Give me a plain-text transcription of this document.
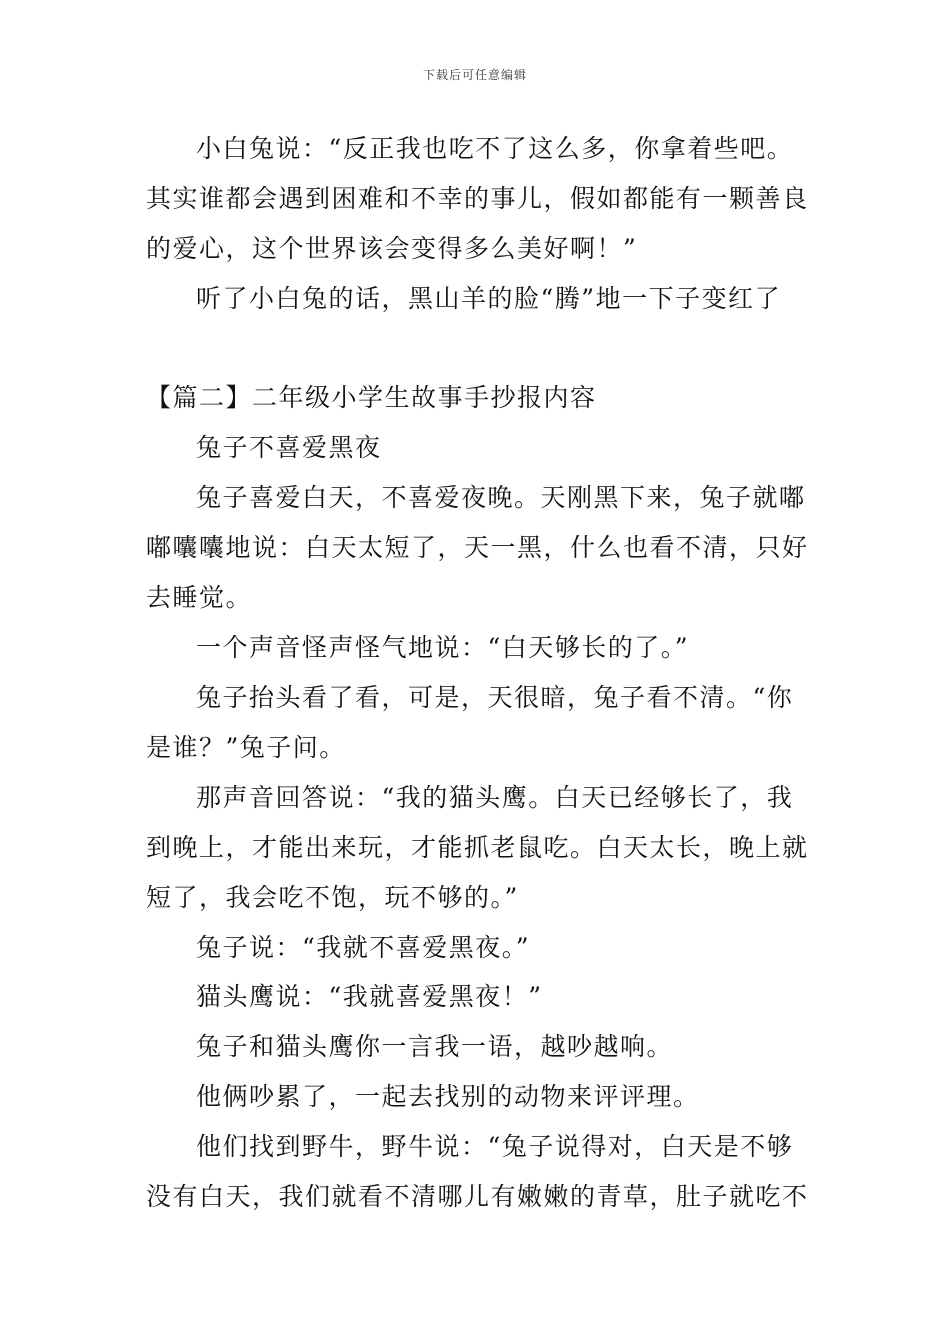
下载后可任意编辑
小白兔说：“反正我也吃不了这么多，你拿着些吧。
其实谁都会遇到困难和不幸的事儿，假如都能有一颗善良
的爱心，这个世界该会变得多么美好啊！”
听了小白兔的话，黑山羊的脸“腾”地一下子变红了
【篇二】二年级小学生故事手抄报内容
兔子不喜爱黑夜
兔子喜爱白天，不喜爱夜晚。天刚黑下来，兔子就嘟
嘟囔囔地说：白天太短了，天一黑，什么也看不清，只好
去睡觉。
一个声音怪声怪气地说：“白天够长的了。”
兔子抬头看了看，可是，天很暗，兔子看不清。“你
是谁？”兔子问。
那声音回答说：“我的猫头鹰。白天已经够长了，我
到晚上，才能出来玩，才能抓老鼠吃。白天太长，晚上就
短了，我会吃不饱，玩不够的。”
兔子说：“我就不喜爱黑夜。”
猫头鹰说：“我就喜爱黑夜！”
兔子和猫头鹰你一言我一语，越吵越响。
他俩吵累了，一起去找别的动物来评评理。
他们找到野牛，野牛说：“兔子说得对，白天是不够
没有白天，我们就看不清哪儿有嫩嫩的青草，肚子就吃不
